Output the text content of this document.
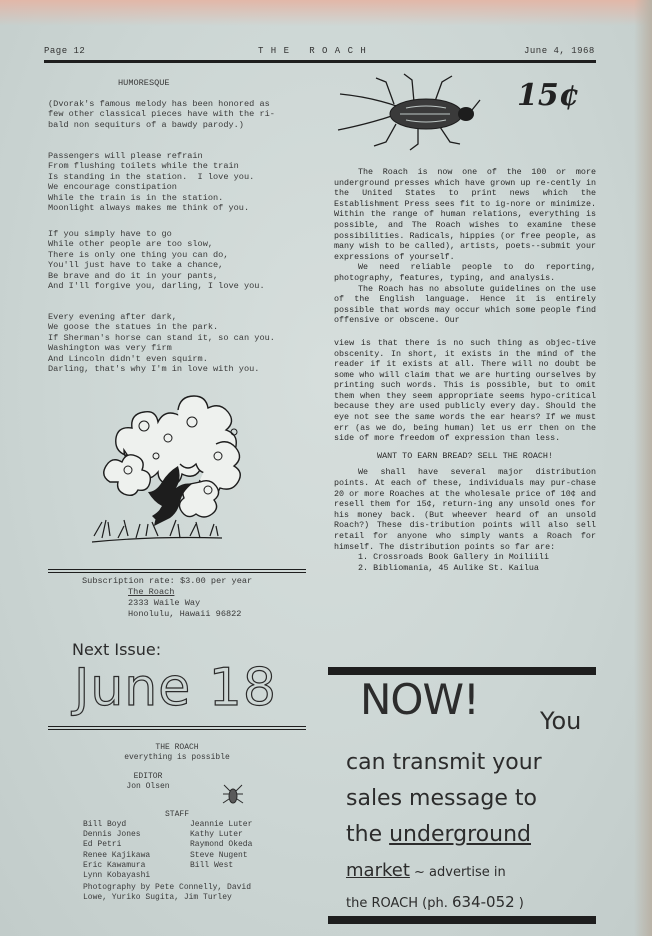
Page 12	T H E   R O A C H	June 4, 1968
HUMORESQUE
(Dvorak's famous melody has been honored as
few other classical pieces have with the ri-
bald non sequiturs of a bawdy parody.)
Passengers will please refrain
From flushing toilets while the train
Is standing in the station.  I love you.
We encourage constipation
While the train is in the station.
Moonlight always makes me think of you.
If you simply have to go
While other people are too slow,
There is only one thing you can do,
You'll just have to take a chance,
Be brave and do it in your pants,
And I'll forgive you, darling, I love you.
Every evening after dark,
We goose the statues in the park.
If Sherman's horse can stand it, so can you.
Washington was very firm
And Lincoln didn't even squirm.
Darling, that's why I'm in love with you.
Subscription rate: $3.00 per year
The Roach
2333 Waile Way
Honolulu, Hawaii 96822
Next Issue:
June 18
THE ROACH
everything is possible
EDITOR
Jon Olsen
STAFF
Bill Boyd
Dennis Jones
Ed Petri
Renee Kajikawa
Eric Kawamura
Lynn Kobayashi
Jeannie Luter
Kathy Luter
Raymond Okeda
Steve Nugent
Bill West
Photography by Pete Connelly, David
Lowe, Yuriko Sugita, Jim Turley
15¢

The Roach is now one of the 100 or more underground presses which have grown up re-cently in the United States to print news which the Establishment Press sees fit to ig-nore or minimize. Within the range of human relations, everything is possible, and The Roach wishes to examine these possibilities. Radicals, hippies (or free people, as many wish to be called), artists, poets--submit your expressions of yourself.

We need reliable people to do reporting, photography, features, typing, and analysis.

The Roach has no absolute guidelines on the use of the English language. Hence it is entirely possible that words may occur which some people find offensive or obscene. Our

view is that there is no such thing as objec-tive obscenity. In short, it exists in the mind of the reader if it exists at all. There will no doubt be some who will claim that we are hurting ourselves by printing such words. This is possible, but to omit them when they seem appropriate seems hypo-critical because they are used publicly every day. Should the eye not see the same words the ear hears? If we must err (as we do, being human) let us err then on the side of more freedom of expression than less.

WANT TO EARN BREAD? SELL THE ROACH!

We shall have several major distribution points. At each of these, individuals may pur-chase 20 or more Roaches at the wholesale price of 10¢ and resell them for 15¢, return-ing any unsold ones for his money back. (But wheever heard of an unsold Roach?) These dis-tribution points will also sell retail for anyone who simply wants a Roach for himself. The distribution points so far are:

1. Crossroads Book Gallery in Moiliili
2. Bibliomania, 45 Aulike St. Kailua
NOW!	You
can transmit your
sales message to
the underground
market ~ advertise in
the ROACH (ph. 634-052 )
